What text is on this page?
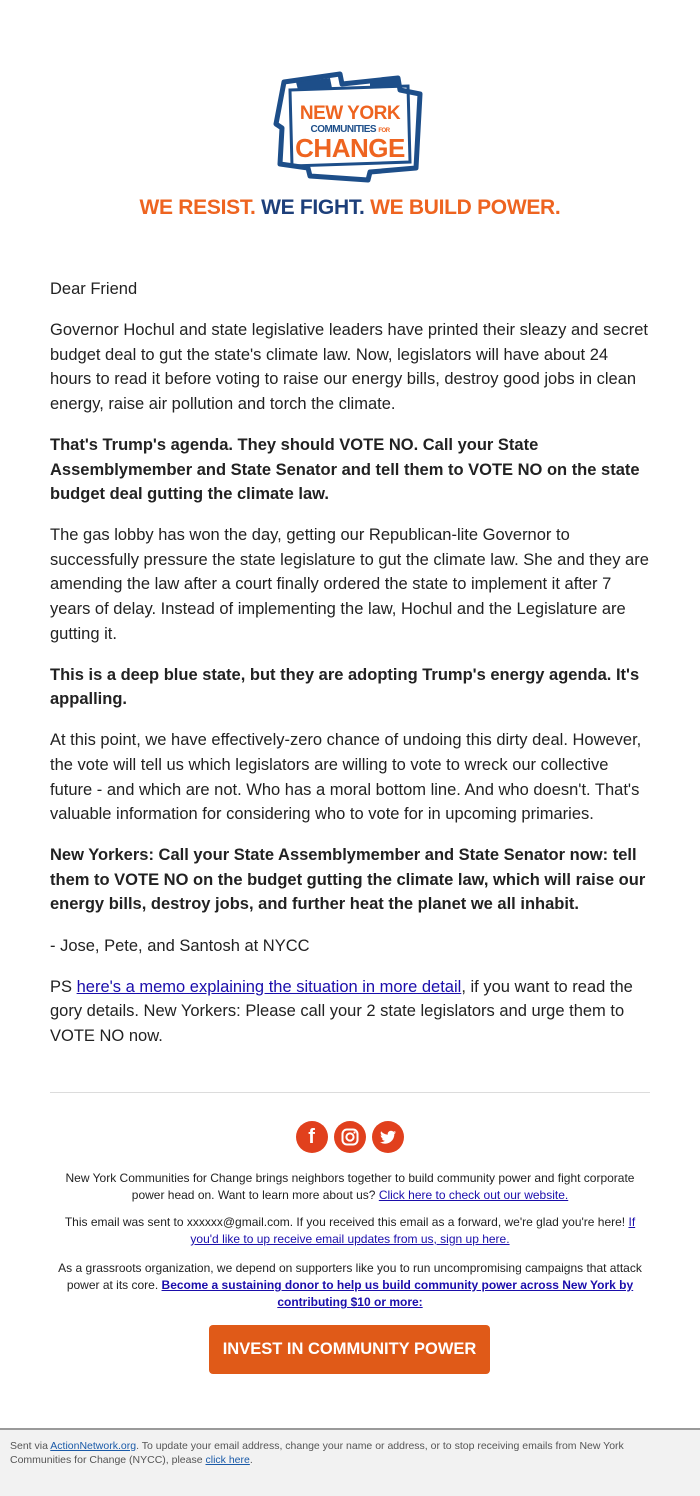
NEW YORK
COMMUNITIES FOR
CHANGE
WE RESIST. WE FIGHT. WE BUILD POWER.

Dear Friend

Governor Hochul and state legislative leaders have printed their sleazy and secret budget deal to gut the state's climate law. Now, legislators will have about 24 hours to read it before voting to raise our energy bills, destroy good jobs in clean energy, raise air pollution and torch the climate.

That's Trump's agenda. They should VOTE NO. Call your State Assemblymember and State Senator and tell them to VOTE NO on the state budget deal gutting the climate law.

The gas lobby has won the day, getting our Republican-lite Governor to successfully pressure the state legislature to gut the climate law. She and they are amending the law after a court finally ordered the state to implement it after 7 years of delay. Instead of implementing the law, Hochul and the Legislature are gutting it.

This is a deep blue state, but they are adopting Trump's energy agenda. It's appalling.

At this point, we have effectively-zero chance of undoing this dirty deal. However, the vote will tell us which legislators are willing to vote to wreck our collective future - and which are not. Who has a moral bottom line. And who doesn't. That's valuable information for considering who to vote for in upcoming primaries.

New Yorkers: Call your State Assemblymember and State Senator now: tell them to VOTE NO on the budget gutting the climate law, which will raise our energy bills, destroy jobs, and further heat the planet we all inhabit.

- Jose, Pete, and Santosh at NYCC

PS here's a memo explaining the situation in more detail, if you want to read the gory details. New Yorkers: Please call your 2 state legislators and urge them to VOTE NO now.

f

New York Communities for Change brings neighbors together to build community power and fight corporate power head on. Want to learn more about us? Click here to check out our website.
This email was sent to xxxxxx@gmail.com. If you received this email as a forward, we're glad you're here! If you'd like to up receive email updates from us, sign up here.
As a grassroots organization, we depend on supporters like you to run uncompromising campaigns that attack power at its core. Become a sustaining donor to help us build community power across New York by contributing $10 or more:
INVEST IN COMMUNITY POWER

Sent via ActionNetwork.org. To update your email address, change your name or address, or to stop receiving emails from New York Communities for Change (NYCC), please click here.
